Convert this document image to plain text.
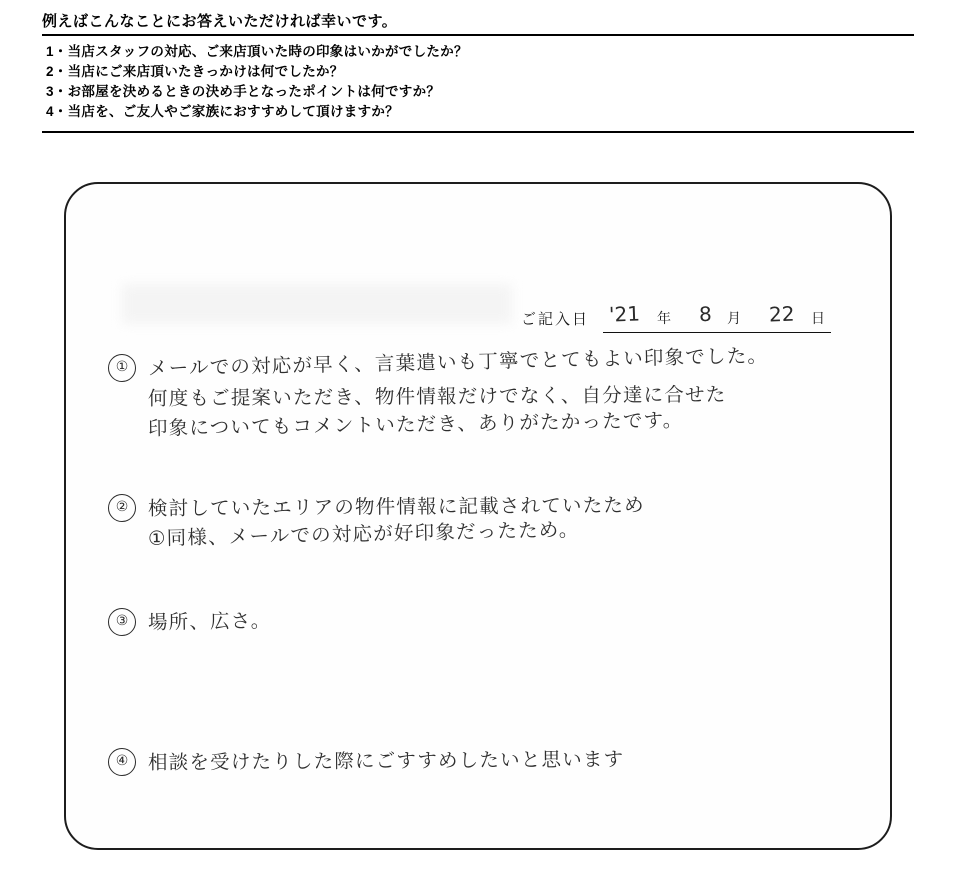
例えばこんなことにお答えいただければ幸いです。
1・当店スタッフの対応、ご来店頂いた時の印象はいかがでしたか？
2・当店にご来店頂いたきっかけは何でしたか？
3・お部屋を決めるときの決め手となったポイントは何ですか？
4・当店を、ご友人やご家族におすすめして頂けますか？
ご記入日 '21 年 8 月 22 日
① メールでの対応が早く、言葉遣いも丁寧でとてもよい印象でした。
何度もご提案いただき、物件情報だけでなく、自分達に合せた
印象についてもコメントいただき、ありがたかったです。
②	検討していたエリアの物件情報に記載されていたため
①同様、メールでの対応が好印象だったため。
③	場所、広さ。
④	相談を受けたりした際にごすすめしたいと思います
